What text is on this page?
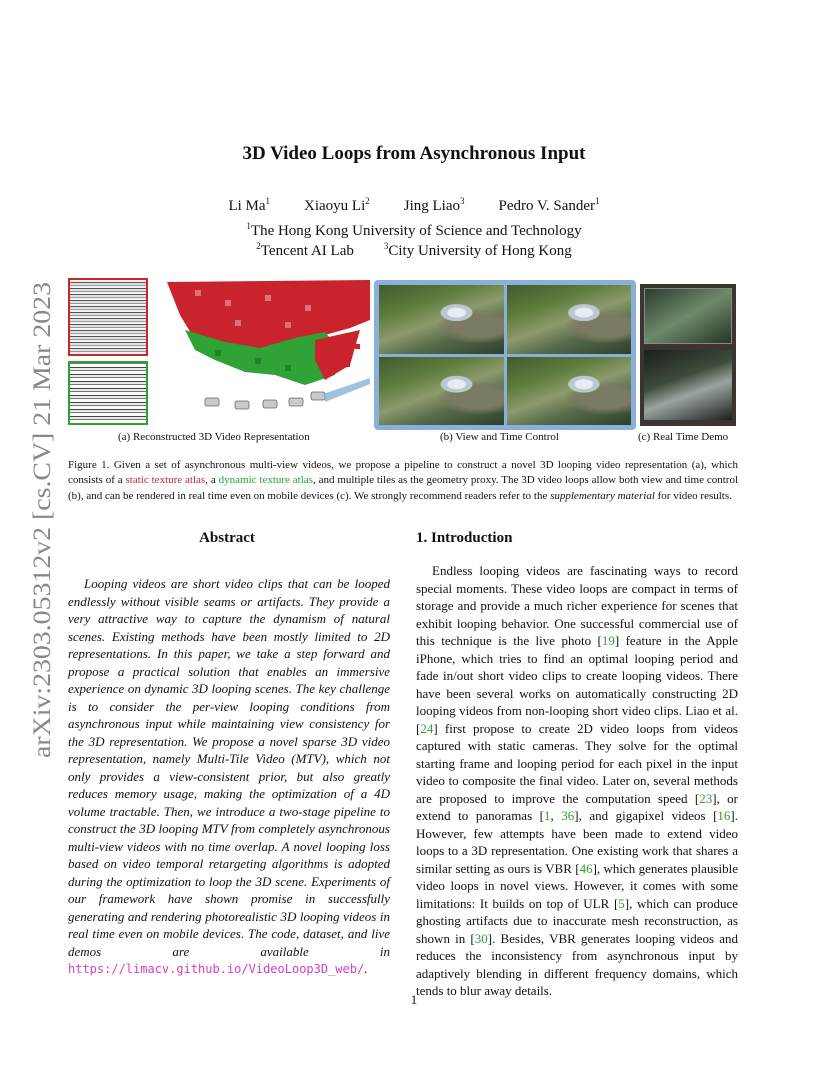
arXiv:2303.05312v2 [cs.CV] 21 Mar 2023
3D Video Loops from Asynchronous Input
Li Ma$^1$ Xiaoyu Li$^2$ Jing Liao$^3$ Pedro V. Sander$^1$
$^1$The Hong Kong University of Science and Technology
$^2$Tencent AI Lab	$^3$City University of Hong Kong
(a) Reconstructed 3D Video Representation	(b) View and Time Control	(c) Real Time Demo
Figure 1. Given a set of asynchronous multi-view videos, we propose a pipeline to construct a novel 3D looping video representation (a), which consists of a static texture atlas, a dynamic texture atlas, and multiple tiles as the geometry proxy. The 3D video loops allow both view and time control (b), and can be rendered in real time even on mobile devices (c). We strongly recommend readers refer to the supplementary material for video results.
Abstract	1. Introduction
Looping videos are short video clips that can be looped endlessly without visible seams or artifacts. They provide a very attractive way to capture the dynamism of natural scenes. Existing methods have been mostly limited to 2D representations. In this paper, we take a step forward and propose a practical solution that enables an immersive experience on dynamic 3D looping scenes. The key challenge is to consider the per-view looping conditions from asynchronous input while maintaining view consistency for the 3D representation. We propose a novel sparse 3D video representation, namely Multi-Tile Video (MTV), which not only provides a view-consistent prior, but also greatly reduces memory usage, making the optimization of a 4D volume tractable. Then, we introduce a two-stage pipeline to construct the 3D looping MTV from completely asynchronous multi-view videos with no time overlap. A novel looping loss based on video temporal retargeting algorithms is adopted during the optimization to loop the 3D scene. Experiments of our framework have shown promise in successfully generating and rendering photorealistic 3D looping videos in real time even on mobile devices. The code, dataset, and live demos are available in https://limacv.github.io/VideoLoop3D_web/.
Endless looping videos are fascinating ways to record special moments. These video loops are compact in terms of storage and provide a much richer experience for scenes that exhibit looping behavior. One successful commercial use of this technique is the live photo [19] feature in the Apple iPhone, which tries to find an optimal looping period and fade in/out short video clips to create looping videos. There have been several works on automatically constructing 2D looping videos from non-looping short video clips. Liao et al. [24] first propose to create 2D video loops from videos captured with static cameras. They solve for the optimal starting frame and looping period for each pixel in the input video to composite the final video. Later on, several methods are proposed to improve the computation speed [23], or extend to panoramas [1, 36], and gigapixel videos [16]. However, few attempts have been made to extend video loops to a 3D representation. One existing work that shares a similar setting as ours is VBR [46], which generates plausible video loops in novel views. However, it comes with some limitations: It builds on top of ULR [5], which can produce ghosting artifacts due to inaccurate mesh reconstruction, as shown in [30]. Besides, VBR generates looping videos and reduces the inconsistency from asynchronous input by adaptively blending in different frequency domains, which tends to blur away details.
1
